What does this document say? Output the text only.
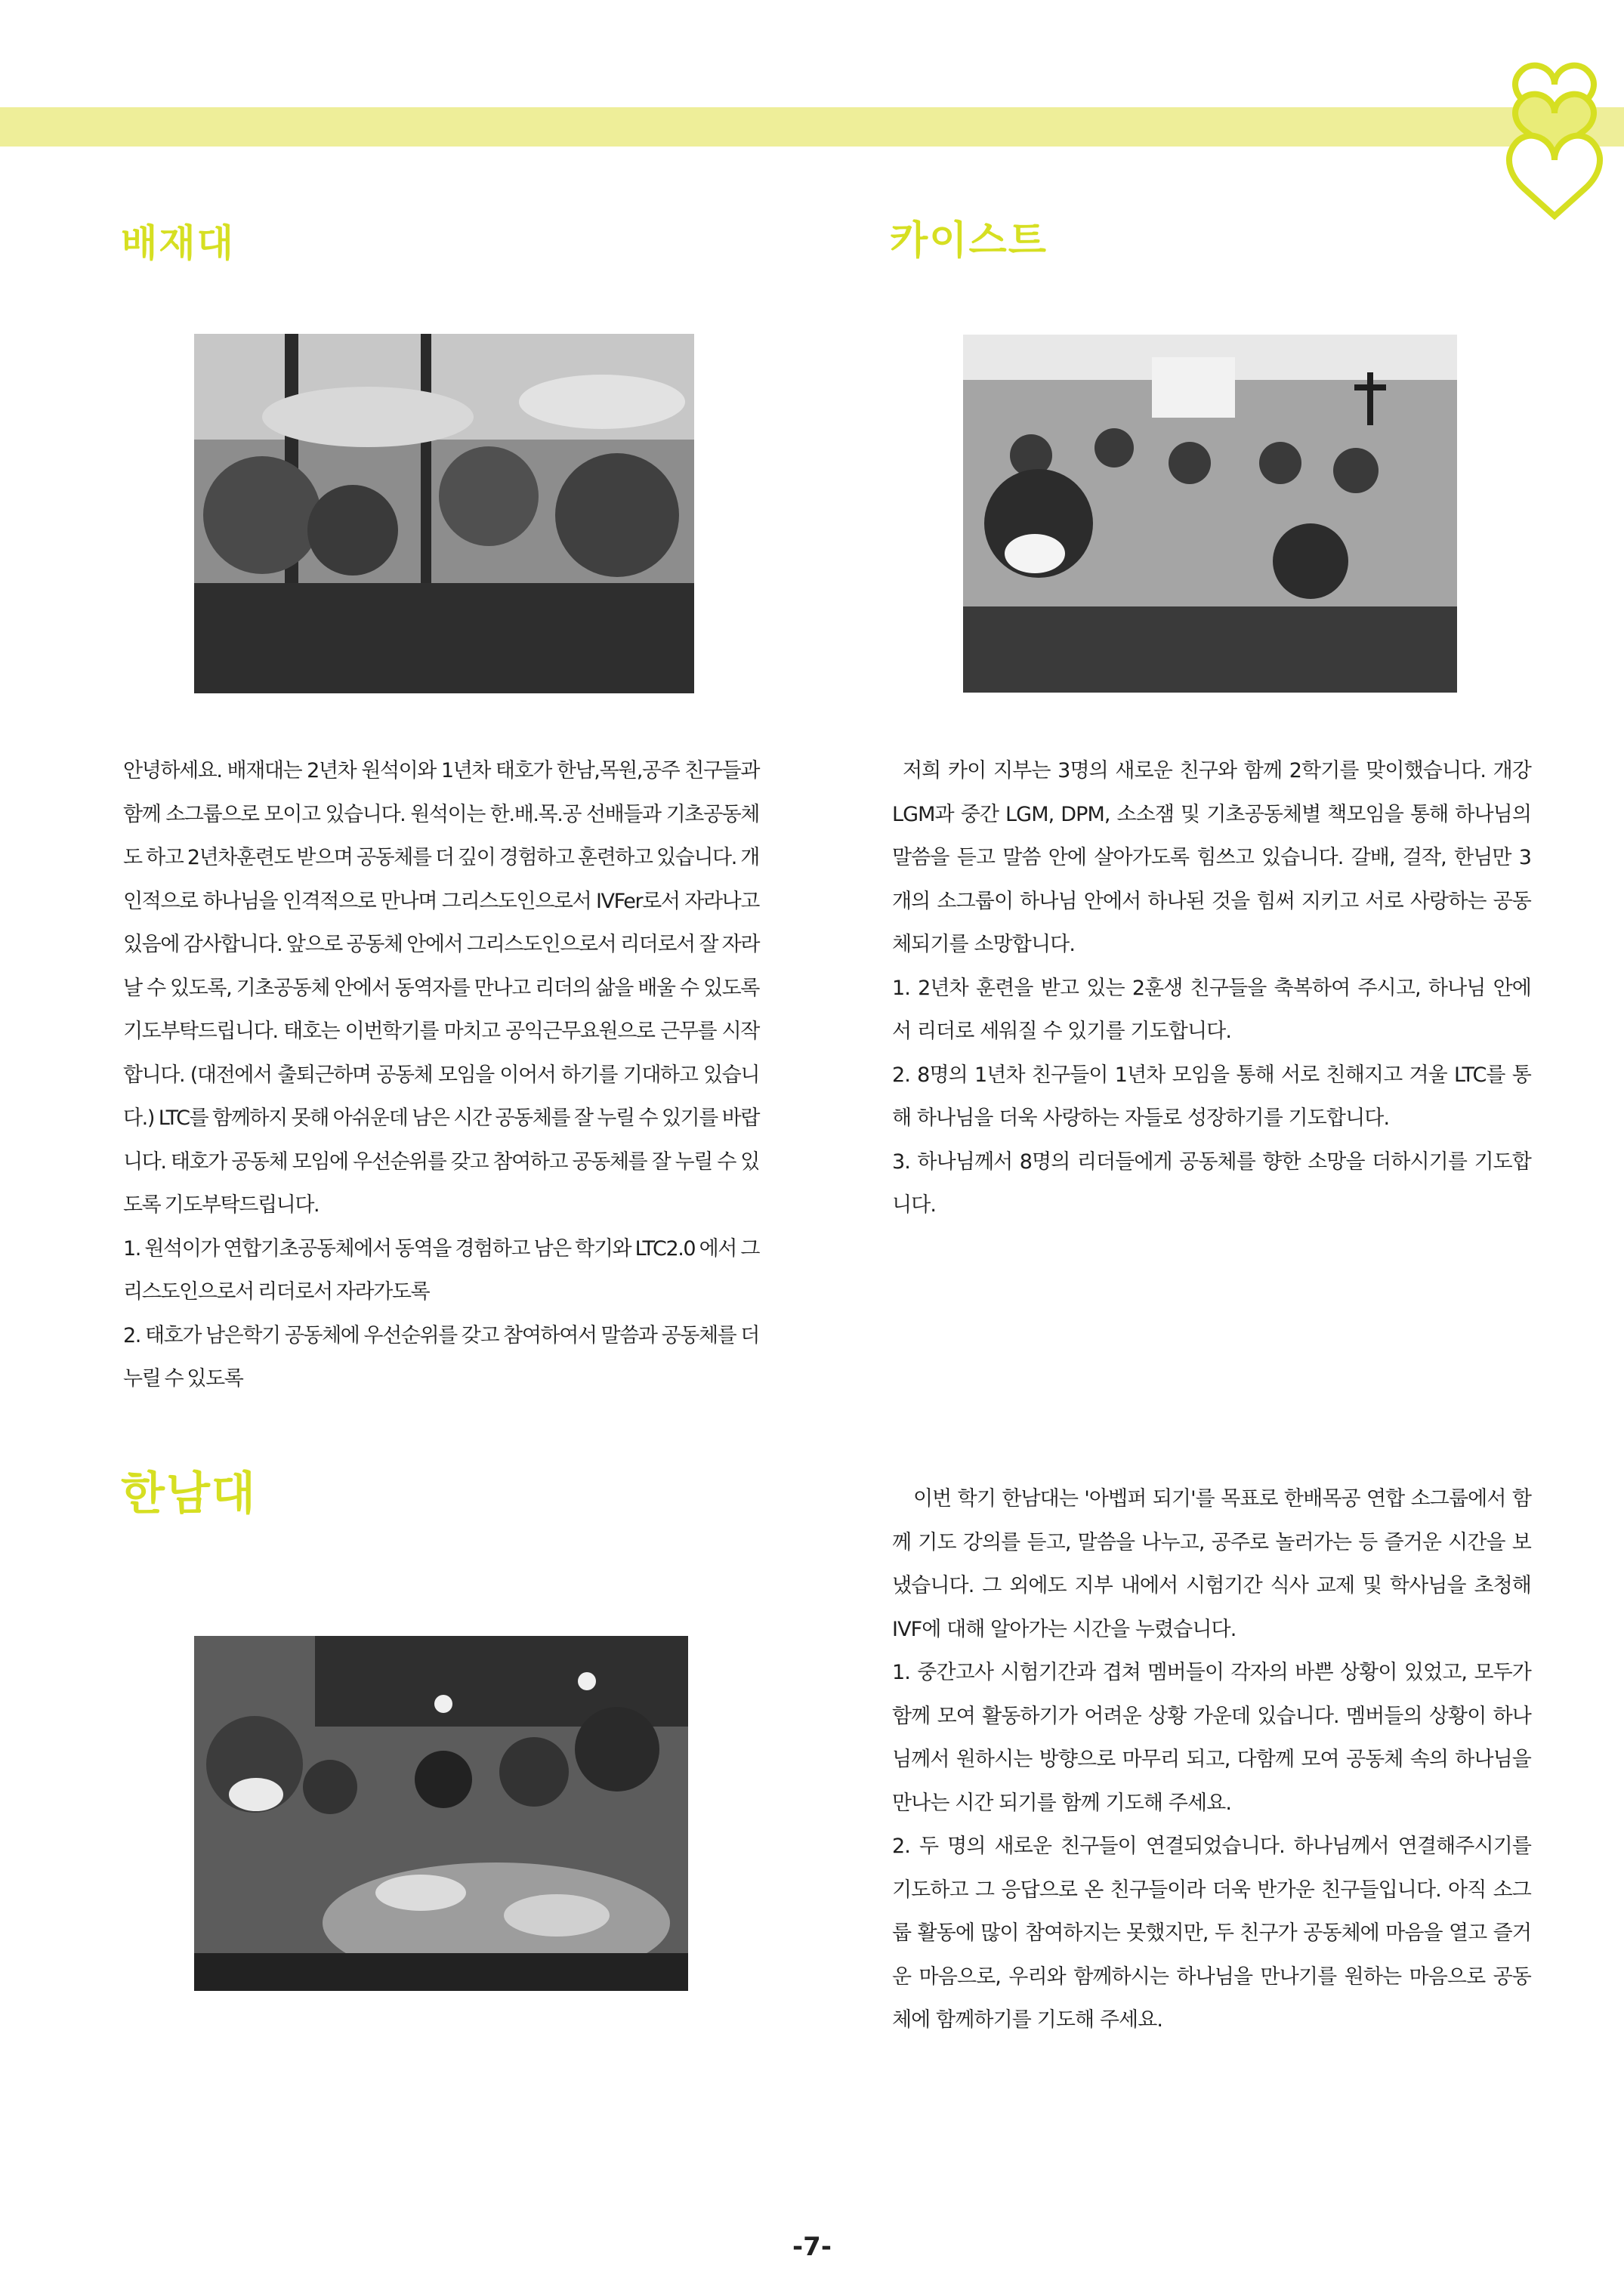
배재대

안녕하세요. 배재대는 2년차 원석이와 1년차 태호가 한남,목원,공주 친구들과 함께 소그룹으로 모이고 있습니다. 원석이는 한.배.목.공 선배들과 기초공동체도 하고 2년차훈련도 받으며 공동체를 더 깊이 경험하고 훈련하고 있습니다. 개인적으로 하나님을 인격적으로 만나며 그리스도인으로서 IVFer로서 자라나고 있음에 감사합니다. 앞으로 공동체 안에서 그리스도인으로서 리더로서 잘 자라날 수 있도록, 기초공동체 안에서 동역자를 만나고 리더의 삶을 배울 수 있도록 기도부탁드립니다. 태호는 이번학기를 마치고 공익근무요원으로 근무를 시작합니다. (대전에서 출퇴근하며 공동체 모임을 이어서 하기를 기대하고 있습니다.) LTC를 함께하지 못해 아쉬운데 남은 시간 공동체를 잘 누릴 수 있기를 바랍니다. 태호가 공동체 모임에 우선순위를 갖고 참여하고 공동체를 잘 누릴 수 있도록 기도부탁드립니다.

1. 원석이가 연합기초공동체에서 동역을 경험하고 남은 학기와 LTC2.0 에서 그리스도인으로서 리더로서 자라가도록

2. 태호가 남은학기 공동체에 우선순위를 갖고 참여하여서 말씀과 공동체를 더 누릴 수 있도록

카이스트

저희 카이 지부는 3명의 새로운 친구와 함께 2학기를 맞이했습니다. 개강 LGM과 중간 LGM, DPM, 소소잼 및 기초공동체별 책모임을 통해 하나님의 말씀을 듣고 말씀 안에 살아가도록 힘쓰고 있습니다. 갈배, 걸작, 한님만 3개의 소그룹이 하나님 안에서 하나된 것을 힘써 지키고 서로 사랑하는 공동체되기를 소망합니다.

1. 2년차 훈련을 받고 있는 2훈생 친구들을 축복하여 주시고, 하나님 안에서 리더로 세워질 수 있기를 기도합니다.

2. 8명의 1년차 친구들이 1년차 모임을 통해 서로 친해지고 겨울 LTC를 통해 하나님을 더욱 사랑하는 자들로 성장하기를 기도합니다.

3. 하나님께서 8명의 리더들에게 공동체를 향한 소망을 더하시기를 기도합니다.

한남대	이번 학기 한남대는 '아벱퍼 되기'를 목표로 한배목공 연합 소그룹에서 함께 기도 강의를 듣고, 말씀을 나누고, 공주로 놀러가는 등 즐거운 시간을 보냈습니다. 그 외에도 지부 내에서 시험기간 식사 교제 및 학사님을 초청해 IVF에 대해 알아가는 시간을 누렸습니다.

1. 중간고사 시험기간과 겹쳐 멤버들이 각자의 바쁜 상황이 있었고, 모두가 함께 모여 활동하기가 어려운 상황 가운데 있습니다. 멤버들의 상황이 하나님께서 원하시는 방향으로 마무리 되고, 다함께 모여 공동체 속의 하나님을 만나는 시간 되기를 함께 기도해 주세요.

2. 두 명의 새로운 친구들이 연결되었습니다. 하나님께서 연결해주시기를 기도하고 그 응답으로 온 친구들이라 더욱 반가운 친구들입니다. 아직 소그룹 활동에 많이 참여하지는 못했지만, 두 친구가 공동체에 마음을 열고 즐거운 마음으로, 우리와 함께하시는 하나님을 만나기를 원하는 마음으로 공동체에 함께하기를 기도해 주세요.

-7-
